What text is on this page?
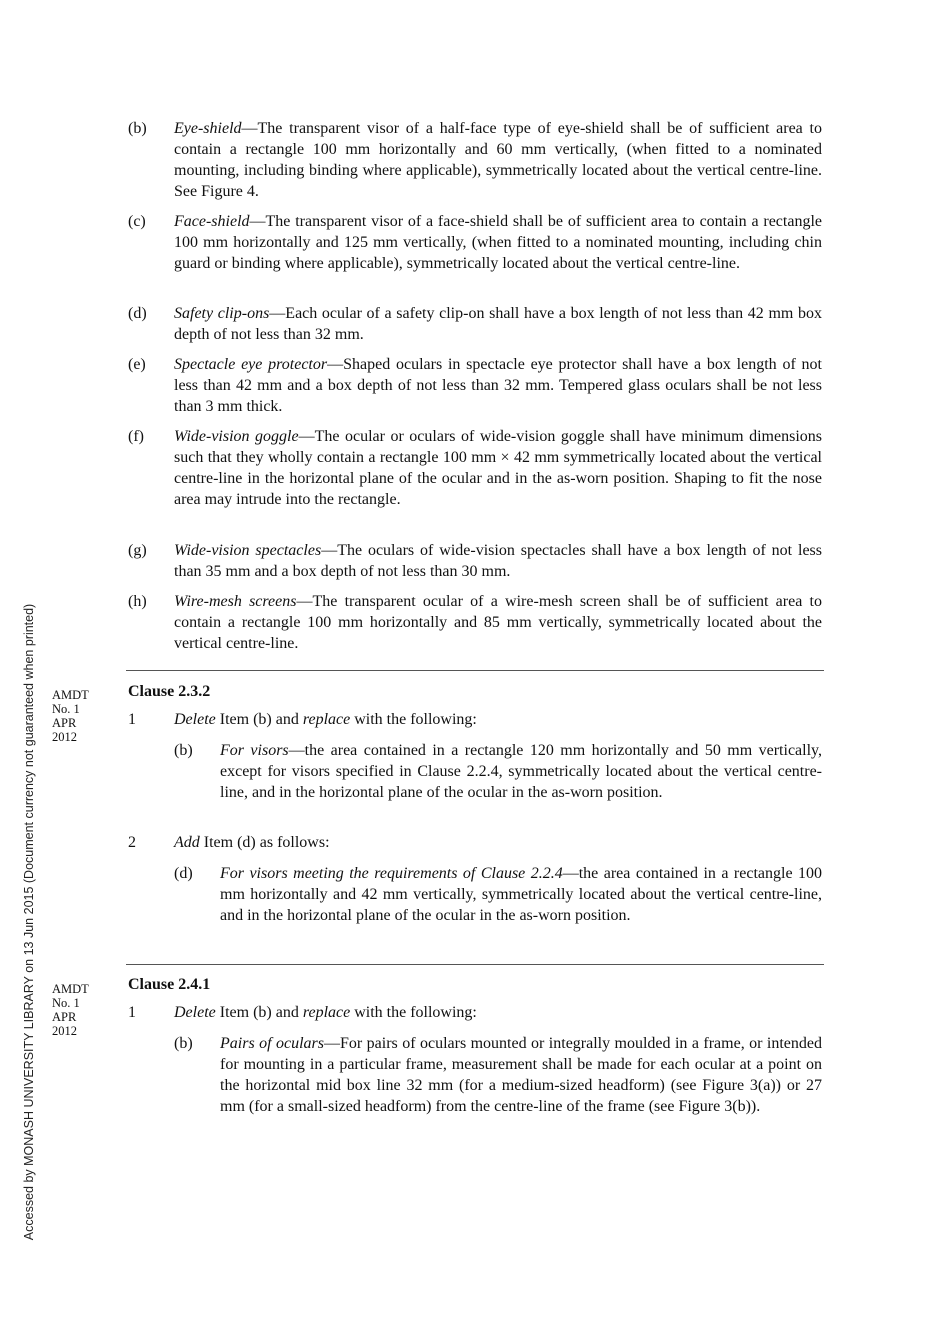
Accessed by MONASH UNIVERSITY LIBRARY on 13 Jun 2015 (Document currency not guaranteed when printed)
(b) Eye-shield—The transparent visor of a half-face type of eye-shield shall be of sufficient area to contain a rectangle 100 mm horizontally and 60 mm vertically, (when fitted to a nominated mounting, including binding where applicable), symmetrically located about the vertical centre-line. See Figure 4.
(c) Face-shield—The transparent visor of a face-shield shall be of sufficient area to contain a rectangle 100 mm horizontally and 125 mm vertically, (when fitted to a nominated mounting, including chin guard or binding where applicable), symmetrically located about the vertical centre-line.
(d) Safety clip-ons—Each ocular of a safety clip-on shall have a box length of not less than 42 mm box depth of not less than 32 mm.
(e) Spectacle eye protector—Shaped oculars in spectacle eye protector shall have a box length of not less than 42 mm and a box depth of not less than 32 mm. Tempered glass oculars shall be not less than 3 mm thick.
(f) Wide-vision goggle—The ocular or oculars of wide-vision goggle shall have minimum dimensions such that they wholly contain a rectangle 100 mm × 42 mm symmetrically located about the vertical centre-line in the horizontal plane of the ocular and in the as-worn position. Shaping to fit the nose area may intrude into the rectangle.
(g) Wide-vision spectacles—The oculars of wide-vision spectacles shall have a box length of not less than 35 mm and a box depth of not less than 30 mm.
(h) Wire-mesh screens—The transparent ocular of a wire-mesh screen shall be of sufficient area to contain a rectangle 100 mm horizontally and 85 mm vertically, symmetrically located about the vertical centre-line.
AMDT
No. 1
APR
2012
Clause 2.3.2
1 Delete Item (b) and replace with the following:
(b) For visors—the area contained in a rectangle 120 mm horizontally and 50 mm vertically, except for visors specified in Clause 2.2.4, symmetrically located about the vertical centre-line, and in the horizontal plane of the ocular in the as-worn position.
2 Add Item (d) as follows:
(d) For visors meeting the requirements of Clause 2.2.4—the area contained in a rectangle 100 mm horizontally and 42 mm vertically, symmetrically located about the vertical centre-line, and in the horizontal plane of the ocular in the as-worn position.
AMDT
No. 1
APR
2012
Clause 2.4.1
1 Delete Item (b) and replace with the following:
(b) Pairs of oculars—For pairs of oculars mounted or integrally moulded in a frame, or intended for mounting in a particular frame, measurement shall be made for each ocular at a point on the horizontal mid box line 32 mm (for a medium-sized headform) (see Figure 3(a)) or 27 mm (for a small-sized headform) from the centre-line of the frame (see Figure 3(b)).
